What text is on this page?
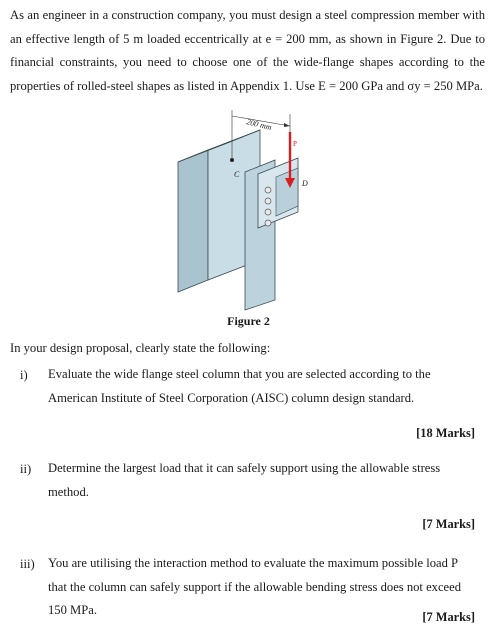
As an engineer in a construction company, you must design a steel compression member with an effective length of 5 m loaded eccentrically at e = 200 mm, as shown in Figure 2. Due to financial constraints, you need to choose one of the wide-flange shapes according to the properties of rolled-steel shapes as listed in Appendix 1. Use E = 200 GPa and σy = 250 MPa.

200 mm
C
P
D
Figure 2

In your design proposal, clearly state the following:

i) Evaluate the wide flange steel column that you are selected according to the American Institute of Steel Corporation (AISC) column design standard.

[18 Marks]
ii) Determine the largest load that it can safely support using the allowable stress method.

[7 Marks]
iii) You are utilising the interaction method to evaluate the maximum possible load P that the column can safely support if the allowable bending stress does not exceed 150 MPa.	[7 Marks]
